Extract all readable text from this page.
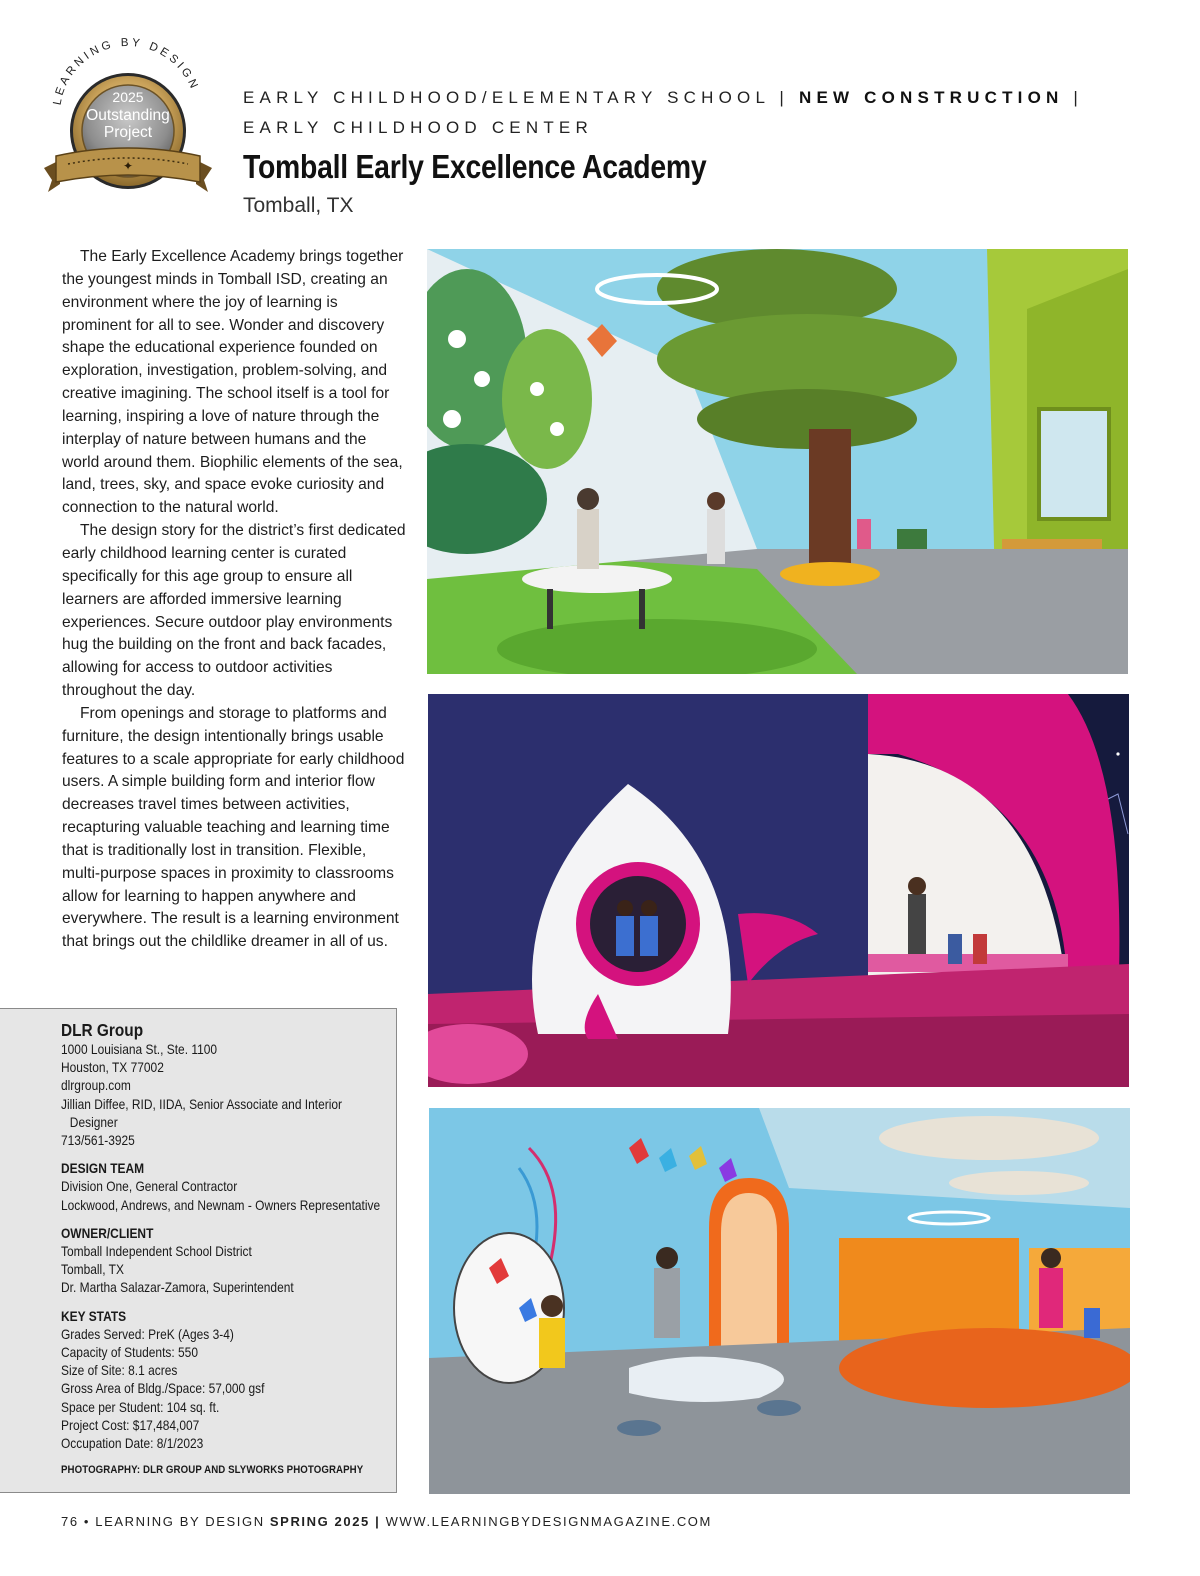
LEARNING BY DESIGN
2025
Outstanding
Project
✦
EARLY CHILDHOOD/ELEMENTARY SCHOOL | NEW CONSTRUCTION |
EARLY CHILDHOOD CENTER
Tomball Early Excellence Academy
Tomball, TX

The Early Excellence Academy brings together the youngest minds in Tomball ISD, creating an environment where the joy of learning is prominent for all to see. Wonder and discovery shape the educational experience founded on exploration, investigation, problem-solving, and creative imagining. The school itself is a tool for learning, inspiring a love of nature through the interplay of nature between humans and the world around them. Biophilic elements of the sea, land, trees, sky, and space evoke curiosity and connection to the natural world.

The design story for the district’s first dedicated early childhood learning center is curated specifically for this age group to ensure all learners are afforded immersive learning experiences. Secure outdoor play environments hug the building on the front and back facades, allowing for access to outdoor activities throughout the day.

From openings and storage to platforms and furniture, the design intentionally brings usable features to a scale appropriate for early childhood users. A simple building form and interior flow decreases travel times between activities, recapturing valuable teaching and learning time that is traditionally lost in transition. Flexible, multi-purpose spaces in proximity to classrooms allow for learning to happen anywhere and everywhere. The result is a learning environment that brings out the childlike dreamer in all of us.

DLR Group
1000 Louisiana St., Ste. 1100
Houston, TX 77002
dlrgroup.com
Jillian Diffee, RID, IIDA, Senior Associate and Interior
Designer
713/561-3925
DESIGN TEAM
Division One, General Contractor
Lockwood, Andrews, and Newnam - Owners Representative
OWNER/CLIENT
Tomball Independent School District
Tomball, TX
Dr. Martha Salazar-Zamora, Superintendent
KEY STATS
Grades Served: PreK (Ages 3-4)
Capacity of Students: 550
Size of Site: 8.1 acres
Gross Area of Bldg./Space: 57,000 gsf
Space per Student: 104 sq. ft.
Project Cost: $17,484,007
Occupation Date: 8/1/2023
PHOTOGRAPHY: DLR GROUP AND SLYWORKS PHOTOGRAPHY
76 • LEARNING BY DESIGN SPRING 2025 | WWW.LEARNINGBYDESIGNMAGAZINE.COM
